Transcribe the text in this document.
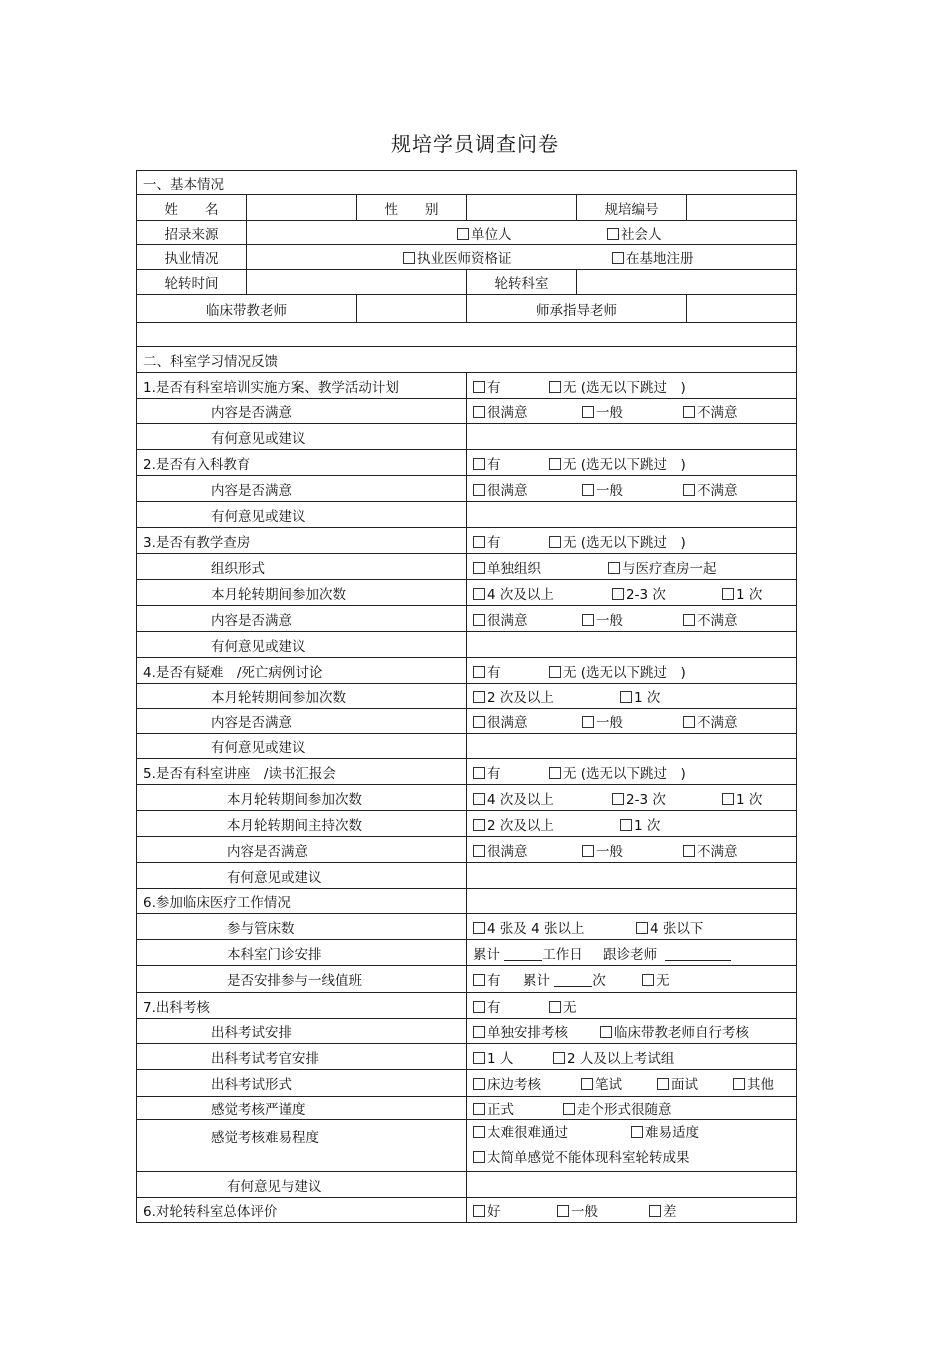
规培学员调查问卷
一、基本情况					
姓　　名		性　　别		规培编号	
招录来源	单位人 社会人				
执业情况	执业医师资格证 在基地注册				
轮转时间			轮转科室		
临床带教老师			师承指导老师		

二、科室学习情况反馈					
1.是否有科室培训实施方案、教学活动计划			有 无 (选无以下跳过　)		
内容是否满意			很满意 一般 不满意		
有何意见或建议					
2.是否有入科教育			有 无 (选无以下跳过　)		
内容是否满意			很满意 一般 不满意		
有何意见或建议					
3.是否有教学查房			有 无 (选无以下跳过　)		
组织形式			单独组织 与医疗查房一起		
本月轮转期间参加次数			4 次及以上 2-3 次 1 次		
内容是否满意			很满意 一般 不满意		
有何意见或建议					
4.是否有疑难　/死亡病例讨论			有 无 (选无以下跳过　)		
本月轮转期间参加次数			2 次及以上 1 次		
内容是否满意			很满意 一般 不满意		
有何意见或建议					
5.是否有科室讲座　/读书汇报会			有 无 (选无以下跳过　)		
本月轮转期间参加次数			4 次及以上 2-3 次 1 次		
本月轮转期间主持次数			2 次及以上 1 次		
内容是否满意			很满意 一般 不满意		
有何意见或建议					
6.参加临床医疗工作情况					
参与管床数			4 张及 4 张以上 4 张以下		
本科室门诊安排			累计 工作日 跟诊老师		
是否安排参与一线值班			有 累计 次 无		
7.出科考核			有 无		
出科考试安排			单独安排考核 临床带教老师自行考核		
出科考试考官安排			1 人 2 人及以上考试组		
出科考试形式			床边考核 笔试 面试 其他		
感觉考核严谨度			正式 走个形式很随意		
感觉考核难易程度			太难很难通过 难易适度
太简单感觉不能体现科室轮转成果		
有何意见与建议					
6.对轮转科室总体评价			好 一般 差		
